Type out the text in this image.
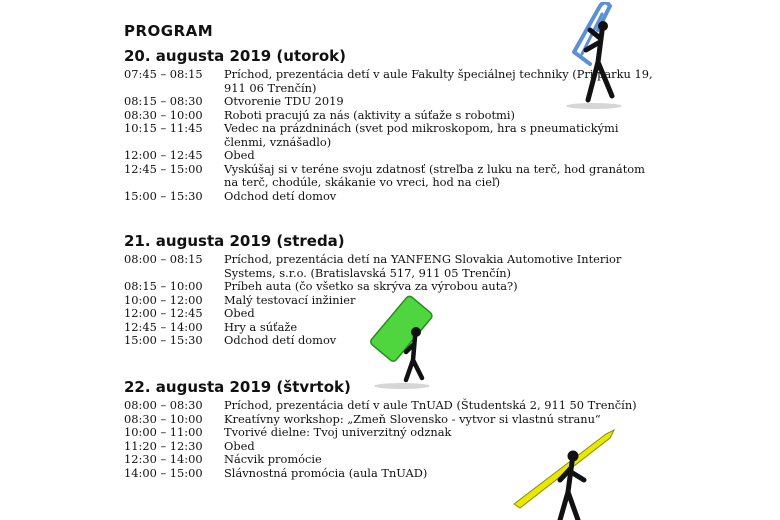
PROGRAM
20. augusta 2019 (utorok)
07:45 – 08:15	Príchod, prezentácia detí v aule Fakulty špeciálnej techniky (Pri parku 19, 911 06 Trenčín)
08:15 – 08:30	Otvorenie TDU 2019
08:30 – 10:00	Roboti pracujú za nás (aktivity a súťaže s robotmi)
10:15 – 11:45	Vedec na prázdninách (svet pod mikroskopom, hra s pneumatickými členmi, vznášadlo)
12:00 – 12:45	Obed
12:45 – 15:00	Vyskúšaj si v teréne svoju zdatnosť (streľba z luku na terč, hod granátom na terč, chodúle, skákanie vo vreci, hod na cieľ)
15:00 – 15:30	Odchod detí domov
21. augusta 2019 (streda)
08:00 – 08:15	Príchod, prezentácia detí na YANFENG Slovakia Automotive Interior Systems, s.r.o. (Bratislavská 517, 911 05 Trenčín)
08:15 – 10:00	Príbeh auta (čo všetko sa skrýva za výrobou auta?)
10:00 – 12:00	Malý testovací inžinier
12:00 – 12:45	Obed
12:45 – 14:00	Hry a súťaže
15:00 – 15:30	Odchod detí domov
22. augusta 2019 (štvrtok)
08:00 – 08:30	Príchod, prezentácia detí v aule TnUAD (Študentská 2, 911 50 Trenčín)
08:30 – 10:00	Kreatívny workshop: „Zmeň Slovensko - vytvor si vlastnú stranu“
10:00 – 11:00	Tvorivé dielne: Tvoj univerzitný odznak
11:20 – 12:30	Obed
12:30 – 14:00	Nácvik promócie
14:00 – 15:00	Slávnostná promócia (aula TnUAD)
